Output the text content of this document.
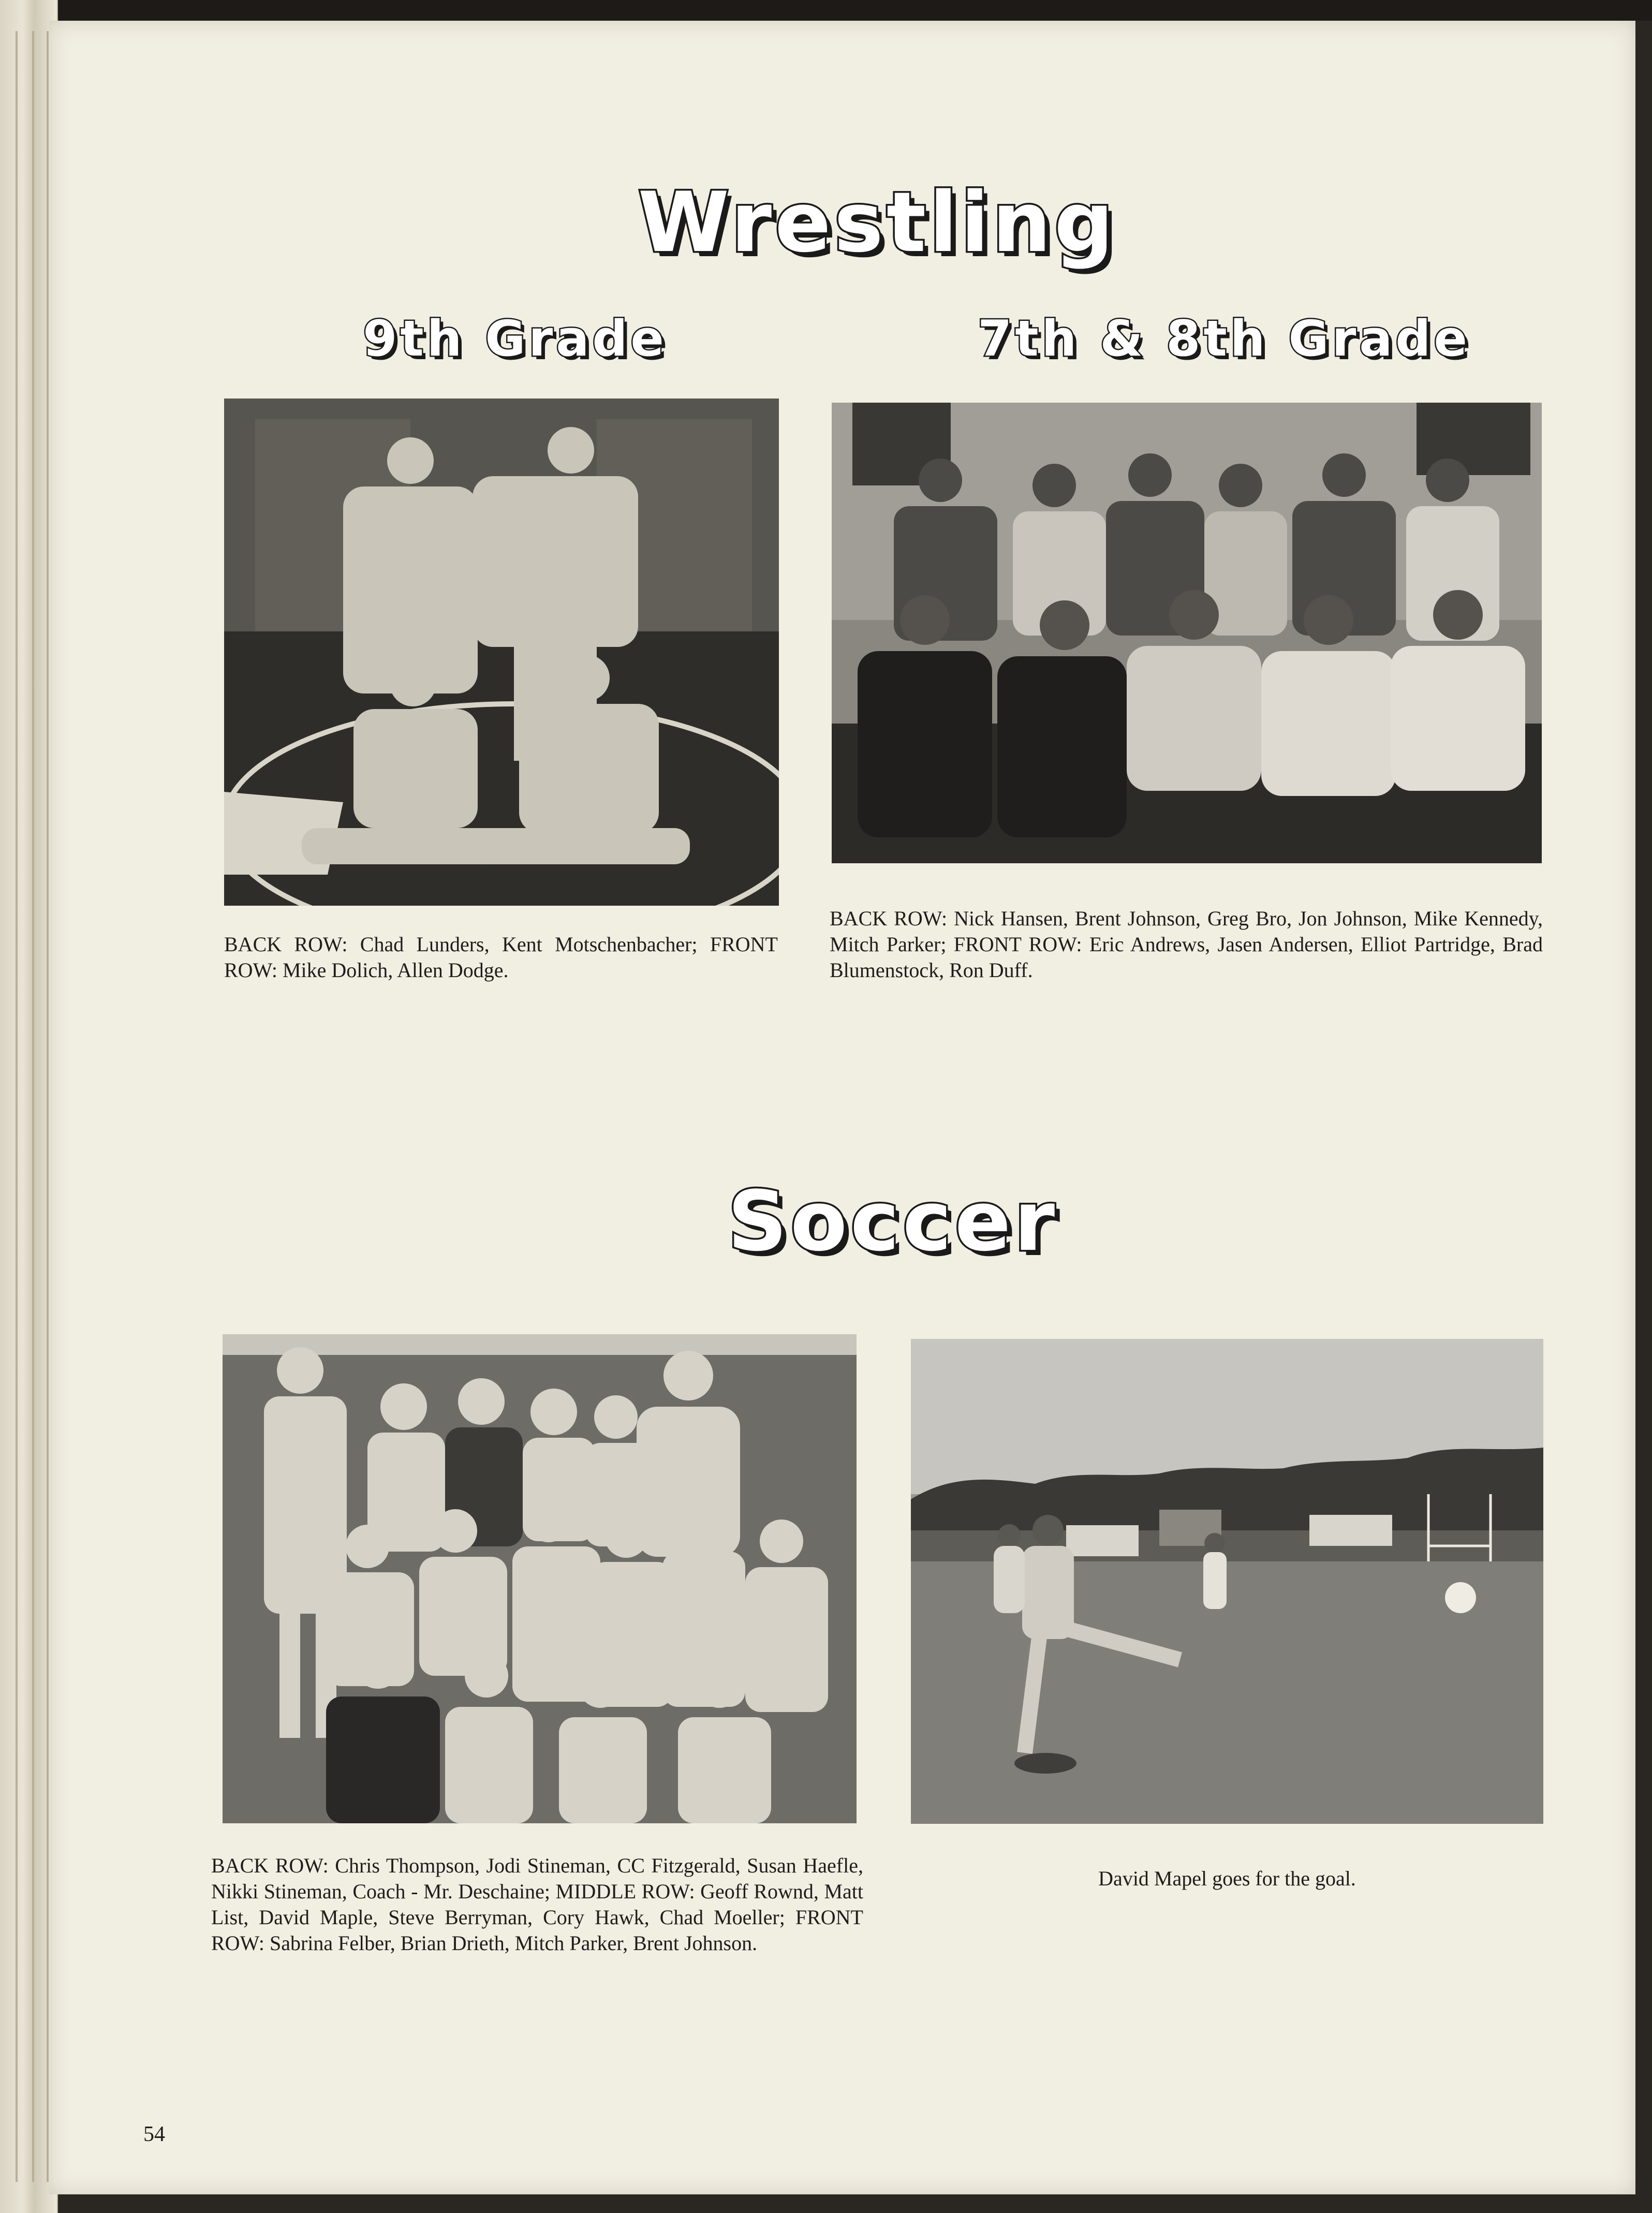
Wrestling
9th Grade	7th & 8th Grade

BACK ROW: Chad Lunders, Kent Motschenbacher; FRONT ROW: Mike Dolich, Allen Dodge.

BACK ROW: Nick Hansen, Brent Johnson, Greg Bro, Jon Johnson, Mike Kennedy, Mitch Parker; FRONT ROW: Eric Andrews, Jasen Andersen, Elliot Partridge, Brad Blumenstock, Ron Duff.

Soccer

BACK ROW: Chris Thompson, Jodi Stineman, CC Fitzgerald, Susan Haefle, Nikki Stineman, Coach - Mr. Deschaine; MIDDLE ROW: Geoff Rownd, Matt List, David Maple, Steve Berryman, Cory Hawk, Chad Moeller; FRONT ROW: Sabrina Felber, Brian Drieth, Mitch Parker, Brent Johnson.

David Mapel goes for the goal.

54
